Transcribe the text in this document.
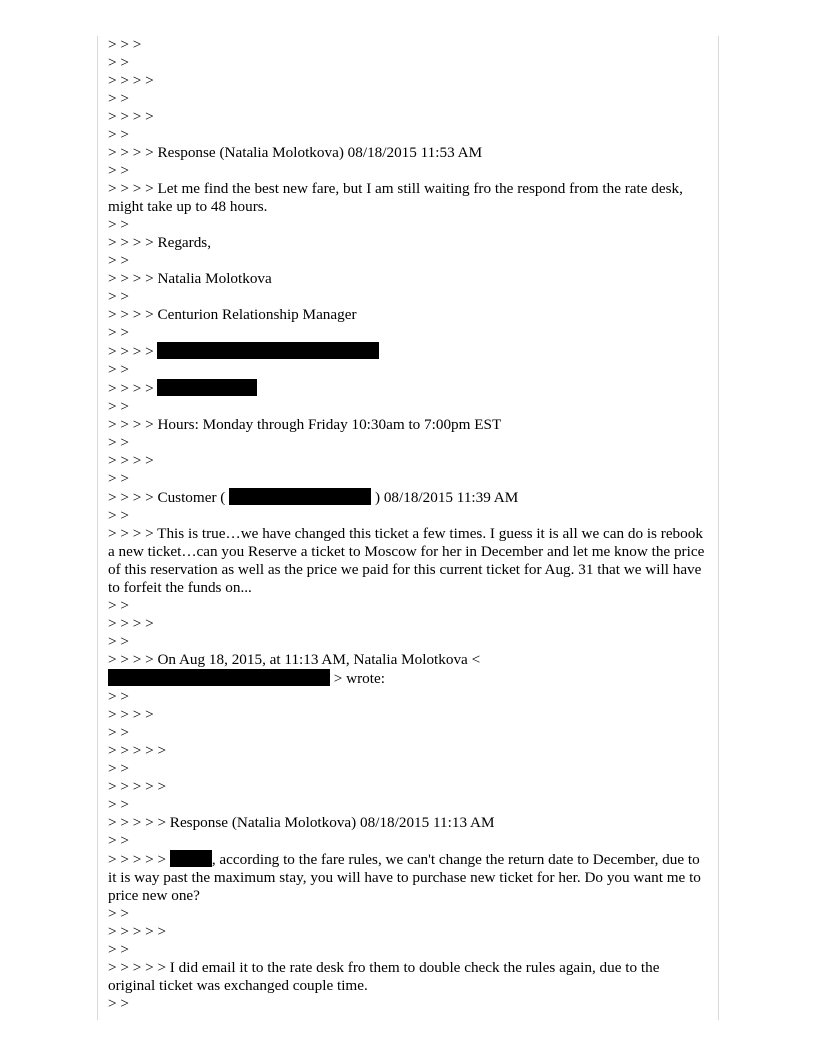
> > >
> >
> > > >
> >
> > > >
> >
> > > > Response (Natalia Molotkova) 08/18/2015 11:53 AM
> >
> > > > Let me find the best new fare, but I am still waiting fro the respond from the rate desk, might take up to 48 hours.
> >
> > > > Regards,
> >
> > > > Natalia Molotkova
> >
> > > > Centurion Relationship Manager
> >
> > > >
> >
> > > >
> >
> > > > Hours: Monday through Friday 10:30am to 7:00pm EST
> >
> > > >
> >
> > > > Customer (	) 08/18/2015 11:39 AM
> >
> > > > This is true…we have changed this ticket a few times. I guess it is all we can do is rebook a new ticket…can you Reserve a ticket to Moscow for her in December and let me know the price of this reservation as well as the price we paid for this current ticket for Aug. 31 that we will have to forfeit the funds on...
> >
> > > >
> >
> > > > On Aug 18, 2015, at 11:13 AM, Natalia Molotkova <
> wrote:
> >
> > > >
> >
> > > > >
> >
> > > > >
> >
> > > > > Response (Natalia Molotkova) 08/18/2015 11:13 AM
> >
> > > > >	, according to the fare rules, we can't change the return date to December, due to it is way past the maximum stay, you will have to purchase new ticket for her. Do you want me to price new one?
> >
> > > > >
> >
> > > > > I did email it to the rate desk fro them to double check the rules again, due to the original ticket was exchanged couple time.
> >
